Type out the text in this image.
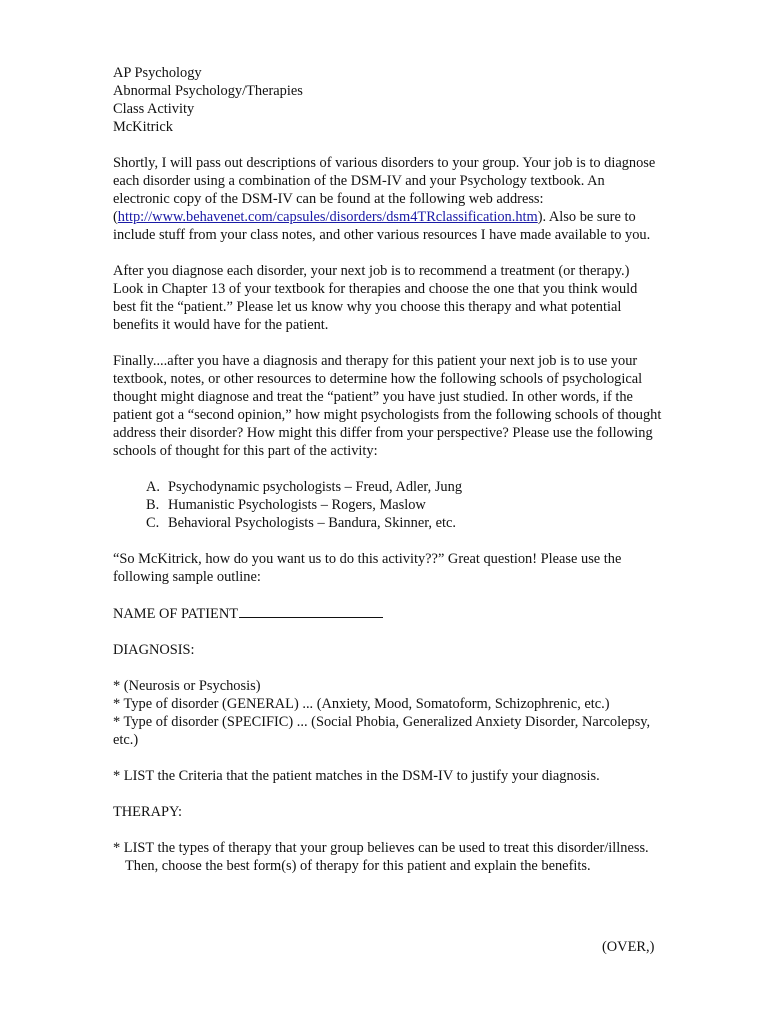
AP Psychology
Abnormal Psychology/Therapies
Class Activity
McKitrick

Shortly, I will pass out descriptions of various disorders to your group. Your job is to diagnose each disorder using a combination of the DSM-IV and your Psychology textbook. An electronic copy of the DSM-IV can be found at the following web address: (http://www.behavenet.com/capsules/disorders/dsm4TRclassification.htm). Also be sure to include stuff from your class notes, and other various resources I have made available to you.

After you diagnose each disorder, your next job is to recommend a treatment (or therapy.) Look in Chapter 13 of your textbook for therapies and choose the one that you think would best fit the “patient.” Please let us know why you choose this therapy and what potential benefits it would have for the patient.

Finally....after you have a diagnosis and therapy for this patient your next job is to use your textbook, notes, or other resources to determine how the following schools of psychological thought might diagnose and treat the “patient” you have just studied. In other words, if the patient got a “second opinion,” how might psychologists from the following schools of thought address their disorder? How might this differ from your perspective? Please use the following schools of thought for this part of the activity:

A. Psychodynamic psychologists – Freud, Adler, Jung
B. Humanistic Psychologists – Rogers, Maslow
C. Behavioral Psychologists – Bandura, Skinner, etc.

“So McKitrick, how do you want us to do this activity??” Great question! Please use the following sample outline:

NAME OF PATIENT

DIAGNOSIS:

* (Neurosis or Psychosis)
* Type of disorder (GENERAL) ... (Anxiety, Mood, Somatoform, Schizophrenic, etc.)
* Type of disorder (SPECIFIC) ... (Social Phobia, Generalized Anxiety Disorder, Narcolepsy, etc.)

* LIST the Criteria that the patient matches in the DSM-IV to justify your diagnosis.

THERAPY:

* LIST the types of therapy that your group believes can be used to treat this disorder/illness. Then, choose the best form(s) of therapy for this patient and explain the benefits.

(OVER,)
